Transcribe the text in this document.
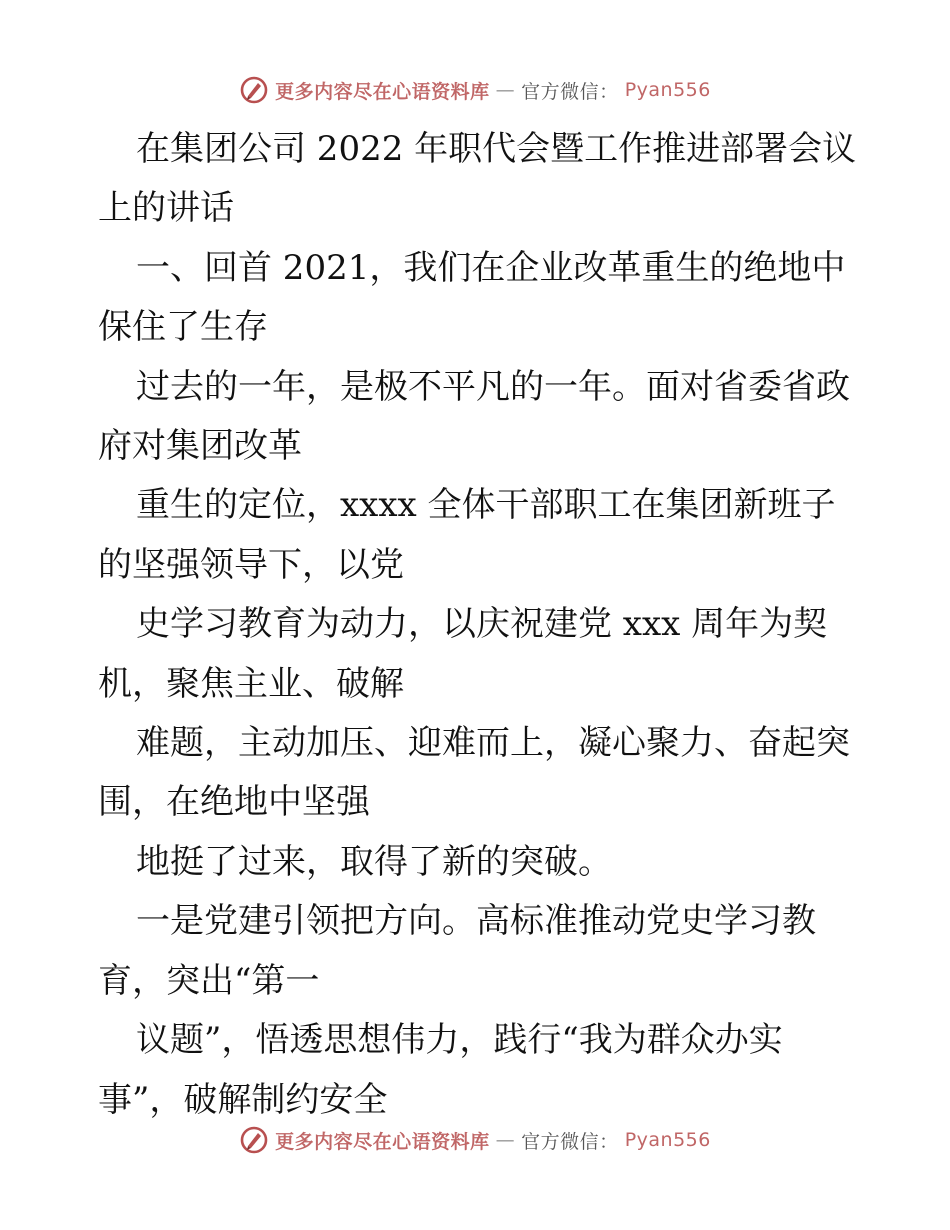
更多内容尽在心语资料库 — 官方微信： Pyan556

在集团公司 2022 年职代会暨工作推进部署会议上的讲话

一、回首 2021，我们在企业改革重生的绝地中保住了生存

过去的一年，是极不平凡的一年。面对省委省政府对集团改革

重生的定位，xxxx 全体干部职工在集团新班子的坚强领导下，以党

史学习教育为动力，以庆祝建党 xxx 周年为契机，聚焦主业、破解

难题，主动加压、迎难而上，凝心聚力、奋起突围，在绝地中坚强

地挺了过来，取得了新的突破。

一是党建引领把方向。高标准推动党史学习教育，突出“第一

议题”，悟透思想伟力，践行“我为群众办实事”，破解制约安全

更多内容尽在心语资料库 — 官方微信： Pyan556
